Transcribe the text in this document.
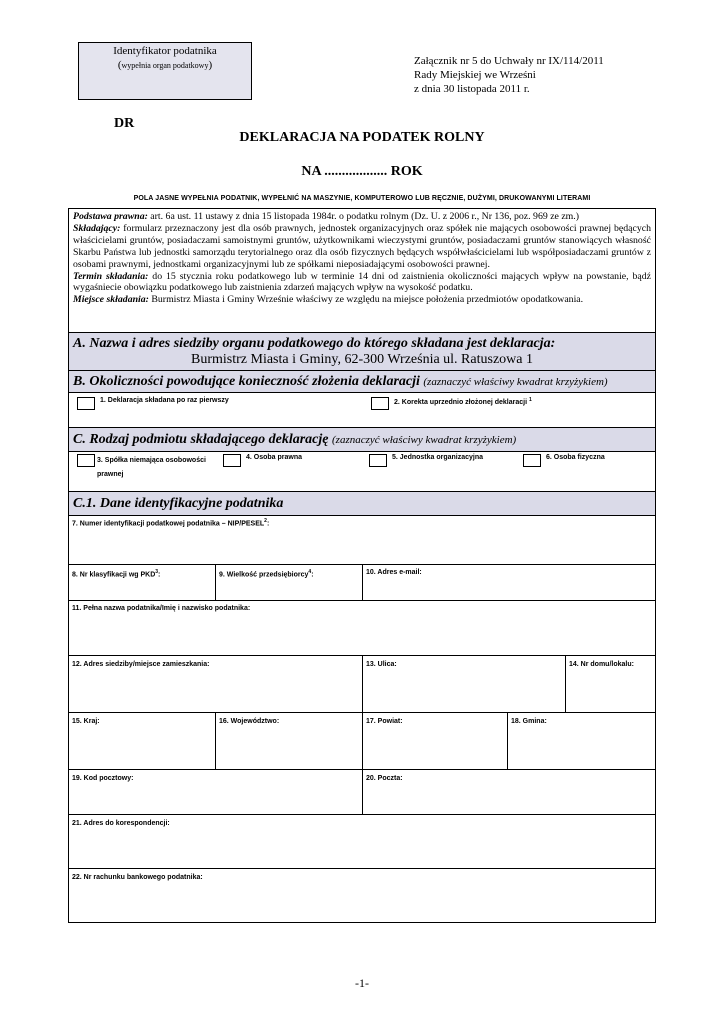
Identyfikator podatnika
(wypełnia organ podatkowy)	Załącznik nr 5 do Uchwały nr IX/114/2011
Rady Miejskiej we Wrześni
z dnia 30 listopada 2011 r.
DR
DEKLARACJA NA PODATEK ROLNY
NA .................. ROK
POLA JASNE WYPEŁNIA PODATNIK, WYPEŁNIĆ NA MASZYNIE, KOMPUTEROWO LUB RĘCZNIE, DUŻYMI, DRUKOWANYMI LITERAMI
Podstawa prawna: art. 6a ust. 11 ustawy z dnia 15 listopada 1984r. o podatku rolnym (Dz. U. z 2006 r., Nr 136, poz. 969 ze zm.)
Składający: formularz przeznaczony jest dla osób prawnych, jednostek organizacyjnych oraz spółek nie mających osobowości prawnej będących właścicielami gruntów, posiadaczami samoistnymi gruntów, użytkownikami wieczystymi gruntów, posiadaczami gruntów stanowiących własność Skarbu Państwa lub jednostki samorządu terytorialnego oraz dla osób fizycznych będących współwłaścicielami lub współposiadaczami gruntów z osobami prawnymi, jednostkami organizacyjnymi lub ze spółkami nieposiadającymi osobowości prawnej.
Termin składania: do 15 stycznia roku podatkowego lub w terminie 14 dni od zaistnienia okoliczności mających wpływ na powstanie, bądź wygaśniecie obowiązku podatkowego lub zaistnienia zdarzeń mających wpływ na wysokość podatku.
Miejsce składania: Burmistrz Miasta i Gminy Wrześnie właściwy ze względu na miejsce położenia przedmiotów opodatkowania.
A. Nazwa i adres siedziby organu podatkowego do którego składana jest deklaracja:
Burmistrz Miasta i Gminy, 62-300 Września ul. Ratuszowa 1
B. Okoliczności powodujące konieczność złożenia deklaracji (zaznaczyć właściwy kwadrat krzyżykiem)
1. Deklaracja składana po raz pierwszy	2. Korekta uprzednio złożonej deklaracji $^1$
C. Rodzaj podmiotu składającego deklarację (zaznaczyć właściwy kwadrat krzyżykiem)
3. Spółka niemająca osobowości
prawnej
4. Osoba prawna	5. Jednostka organizacyjna	6. Osoba fizyczna
C.1. Dane identyfikacyjne podatnika
7. Numer identyfikacji podatkowej podatnika – NIP/PESEL$^2$:
8. Nr klasyfikacji wg PKD$^3$:	9. Wielkość przedsiębiorcy$^4$:	10. Adres e-mail:
11. Pełna nazwa podatnika/Imię i nazwisko podatnika:
12. Adres siedziby/miejsce zamieszkania:	13. Ulica:	14. Nr domu/lokalu:
15. Kraj:	16. Województwo:	17. Powiat:	18. Gmina:
19. Kod pocztowy:	20. Poczta:
21. Adres do korespondencji:
22. Nr rachunku bankowego podatnika:
-1-
